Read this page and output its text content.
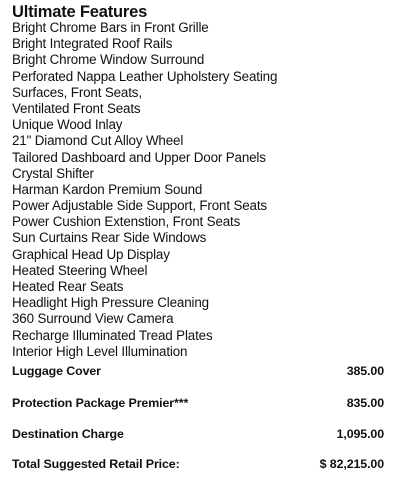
Ultimate Features
Bright Chrome Bars in Front Grille
Bright Integrated Roof Rails
Bright Chrome Window Surround
Perforated Nappa Leather Upholstery Seating
Surfaces, Front Seats,
Ventilated Front Seats
Unique Wood Inlay
21" Diamond Cut Alloy Wheel
Tailored Dashboard and Upper Door Panels
Crystal Shifter
Harman Kardon Premium Sound
Power Adjustable Side Support, Front Seats
Power Cushion Extenstion, Front Seats
Sun Curtains Rear Side Windows
Graphical Head Up Display
Heated Steering Wheel
Heated Rear Seats
Headlight High Pressure Cleaning
360 Surround View Camera
Recharge Illuminated Tread Plates
Interior High Level Illumination
Luggage Cover	385.00
Protection Package Premier***	835.00
Destination Charge	1,095.00
Total Suggested Retail Price:	$ 82,215.00
